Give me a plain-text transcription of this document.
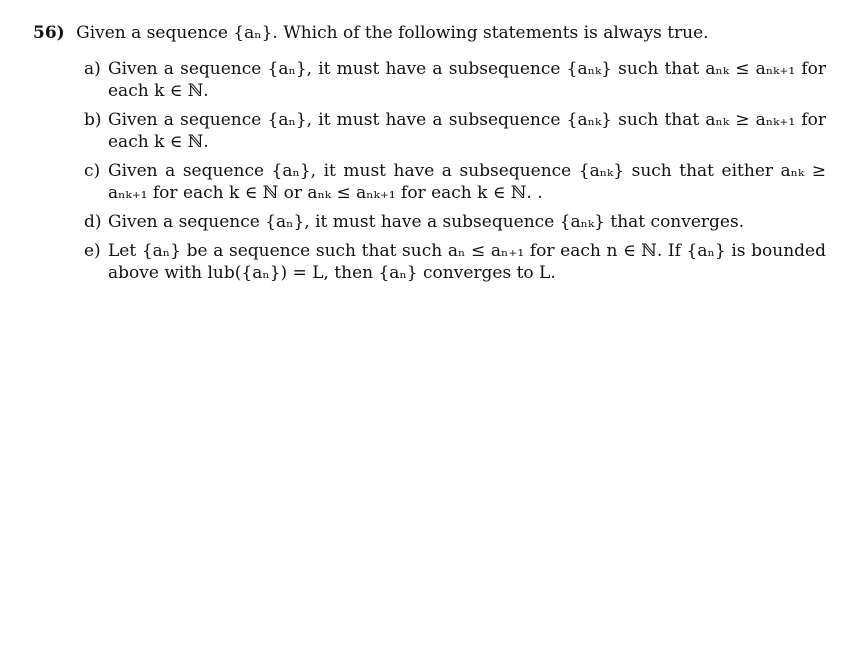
56) Given a sequence {aₙ}. Which of the following statements is always true.
a) Given a sequence {aₙ}, it must have a subsequence {aₙₖ} such that aₙₖ ≤ aₙₖ₊₁ for each k ∈ ℕ.
b) Given a sequence {aₙ}, it must have a subsequence {aₙₖ} such that aₙₖ ≥ aₙₖ₊₁ for each k ∈ ℕ.
c) Given a sequence {aₙ}, it must have a subsequence {aₙₖ} such that either aₙₖ ≥ aₙₖ₊₁ for each k ∈ ℕ or aₙₖ ≤ aₙₖ₊₁ for each k ∈ ℕ. .
d) Given a sequence {aₙ}, it must have a subsequence {aₙₖ} that converges.
e) Let {aₙ} be a sequence such that such aₙ ≤ aₙ₊₁ for each n ∈ ℕ. If {aₙ} is bounded above with lub({aₙ}) = L, then {aₙ} converges to L.
